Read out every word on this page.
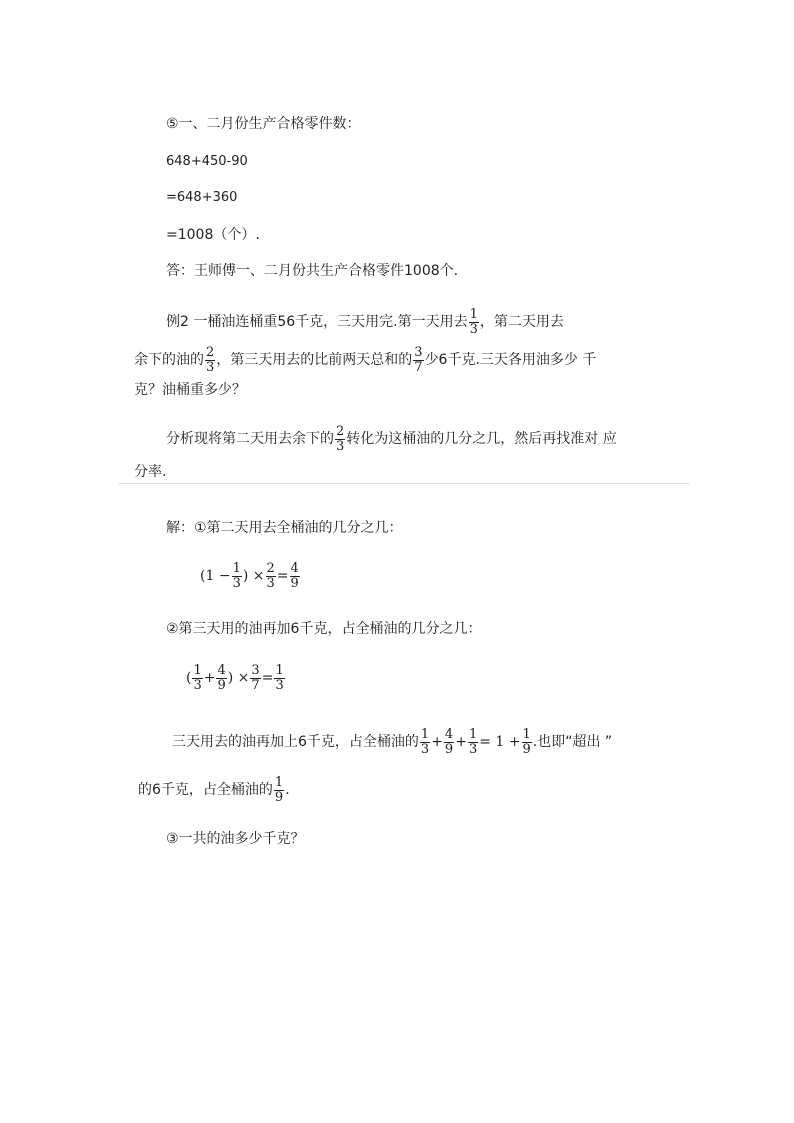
⑤一、二月份生产合格零件数：
648+450-90
=648+360
=1008（个）.
答：王师傅一、二月份共生产合格零件1008个.
例2 一桶油连桶重56千克，三天用完.第一天用去 $\frac{1}{3}$ ，第二天用去
余下的油的 $\frac{2}{3}$ ，第三天用去的比前两天总和的 $\frac{3}{7}$ 少6千克.三天各用油多少 千
克？油桶重多少？
分析现将第二天用去余下的 $\frac{2}{3}$ 转化为这桶油的几分之几，然后再找准对 应
分率.
解：①第二天用去全桶油的几分之几：
($1 - \frac{1}{3}$ ) × $\frac{2}{3} = \frac{4}{9}$
②第三天用的油再加6千克，占全桶油的几分之几：
( $\frac{1}{3} + \frac{4}{9}$ ) × $\frac{3}{7} = \frac{1}{3}$
三天用去的油再加上6千克，占全桶油的 $\frac{1}{3} + \frac{4}{9} + \frac{1}{3} = 1 + \frac{1}{9}$ .也即“超出 ”
的6千克，占全桶油的 $\frac{1}{9}$ .
③一共的油多少千克？
